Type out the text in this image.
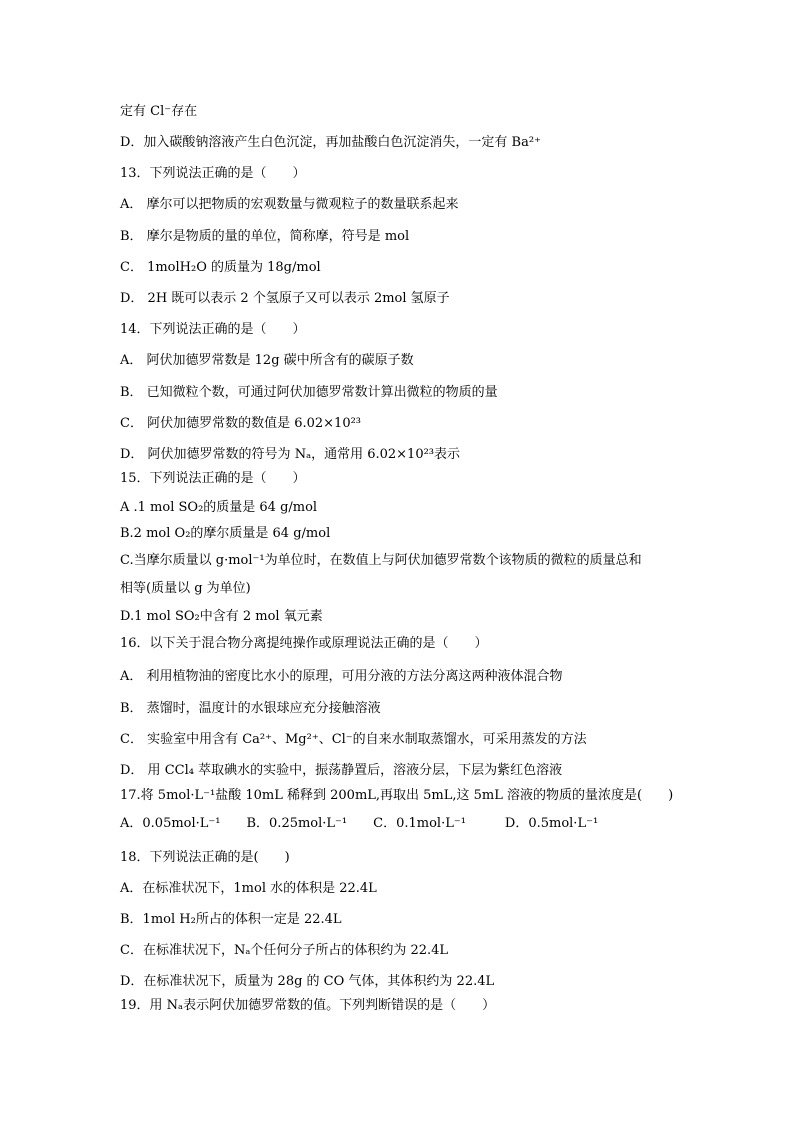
定有 Cl⁻存在
D．加入碳酸钠溶液产生白色沉淀，再加盐酸白色沉淀消失，一定有 Ba²⁺
13．下列说法正确的是（　　）
A． 摩尔可以把物质的宏观数量与微观粒子的数量联系起来
B． 摩尔是物质的量的单位，简称摩，符号是 mol
C． 1molH₂O 的质量为 18g/mol
D． 2H 既可以表示 2 个氢原子又可以表示 2mol 氢原子
14．下列说法正确的是（　　）
A． 阿伏加德罗常数是 12g 碳中所含有的碳原子数
B． 已知微粒个数，可通过阿伏加德罗常数计算出微粒的物质的量
C． 阿伏加德罗常数的数值是 6.02×10²³
D． 阿伏加德罗常数的符号为 Nₐ，通常用 6.02×10²³表示
15．下列说法正确的是（　　）
A .1 mol SO₂的质量是 64 g/mol
B.2 mol O₂的摩尔质量是 64 g/mol
C.当摩尔质量以 g·mol⁻¹为单位时，在数值上与阿伏加德罗常数个该物质的微粒的质量总和
相等(质量以 g 为单位)
D.1 mol SO₂中含有 2 mol 氧元素
16．以下关于混合物分离提纯操作或原理说法正确的是（　　）
A． 利用植物油的密度比水小的原理，可用分液的方法分离这两种液体混合物
B． 蒸馏时，温度计的水银球应充分接触溶液
C． 实验室中用含有 Ca²⁺、Mg²⁺、Cl⁻的自来水制取蒸馏水，可采用蒸发的方法
D． 用 CCl₄ 萃取碘水的实验中，振荡静置后，溶液分层，下层为紫红色溶液
17.将 5mol·L⁻¹盐酸 10mL 稀释到 200mL,再取出 5mL,这 5mL 溶液的物质的量浓度是(　　)
A．0.05mol·L⁻¹　　B．0.25mol·L⁻¹　　C．0.1mol·L⁻¹　　　D．0.5mol·L⁻¹
18．下列说法正确的是(　　)
A．在标准状况下，1mol 水的体积是 22.4L
B．1mol H₂所占的体积一定是 22.4L
C．在标准状况下，Nₐ个任何分子所占的体积约为 22.4L
D．在标准状况下，质量为 28g 的 CO 气体，其体积约为 22.4L
19．用 Nₐ表示阿伏加德罗常数的值。下列判断错误的是（　　）
